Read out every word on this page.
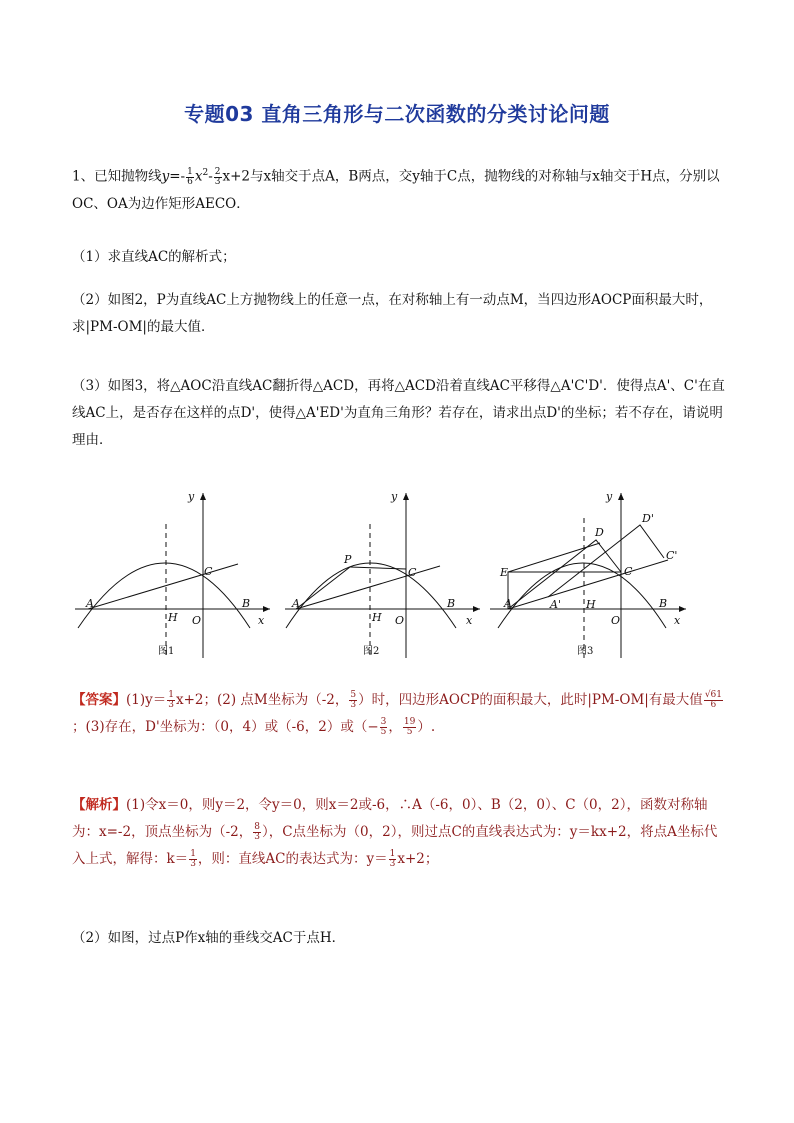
专题03 直角三角形与二次函数的分类讨论问题
1、已知抛物线$y=- \frac{1}{6} x^2- \frac{2}{3} x+2$与x轴交于点A，B两点，交y轴于C点，抛物线的对称轴与x轴交于H点，分别以OC、OA为边作矩形AECO．
（1）求直线AC的解析式；
（2）如图2，P为直线AC上方抛物线上的任意一点，在对称轴上有一动点M，当四边形AOCP面积最大时，求|PM-OM|的最大值．
（3）如图3，将△AOC沿直线AC翻折得△ACD，再将△ACD沿着直线AC平移得△A'C'D'．使得点A'、C'在直线AC上，是否存在这样的点D'，使得△A'ED'为直角三角形？若存在，请求出点D'的坐标；若不存在，请说明理由．
y
x
A
H
C
O
B
图1
y
x
A
H
C
O
B
P
图2
y
x
A	A' H
C
O
B
E
D
D'
C'
图3
【答案】$(1)y= \frac{1}{3} x+2$；(2) 点M坐标为（-2， $\frac{5}{3}$ ）时，四边形AOCP的面积最大，此时|PM-OM|有最大值 $\frac{√61}{6}$
；(3)存在，D'坐标为：（0，4）或（-6，2）或（− $\frac{3}{5}$ ， $\frac{19}{5}$ ）.
【解析】(1)令x＝0，则y＝2，令y＝0，则x＝2或-6，∴A（-6，0）、B（2，0）、C（0，2），函数对称轴为：x=-2，顶点坐标为（-2， $\frac{8}{3}$ ），C点坐标为（0，2），则过点C的直线表达式为：y＝kx+2，将点A坐标代入上式，解得：$k= \frac{1}{3}$ ，则：直线AC的表达式为：$y= \frac{1}{3} x+2$；
（2）如图，过点P作x轴的垂线交AC于点H．
